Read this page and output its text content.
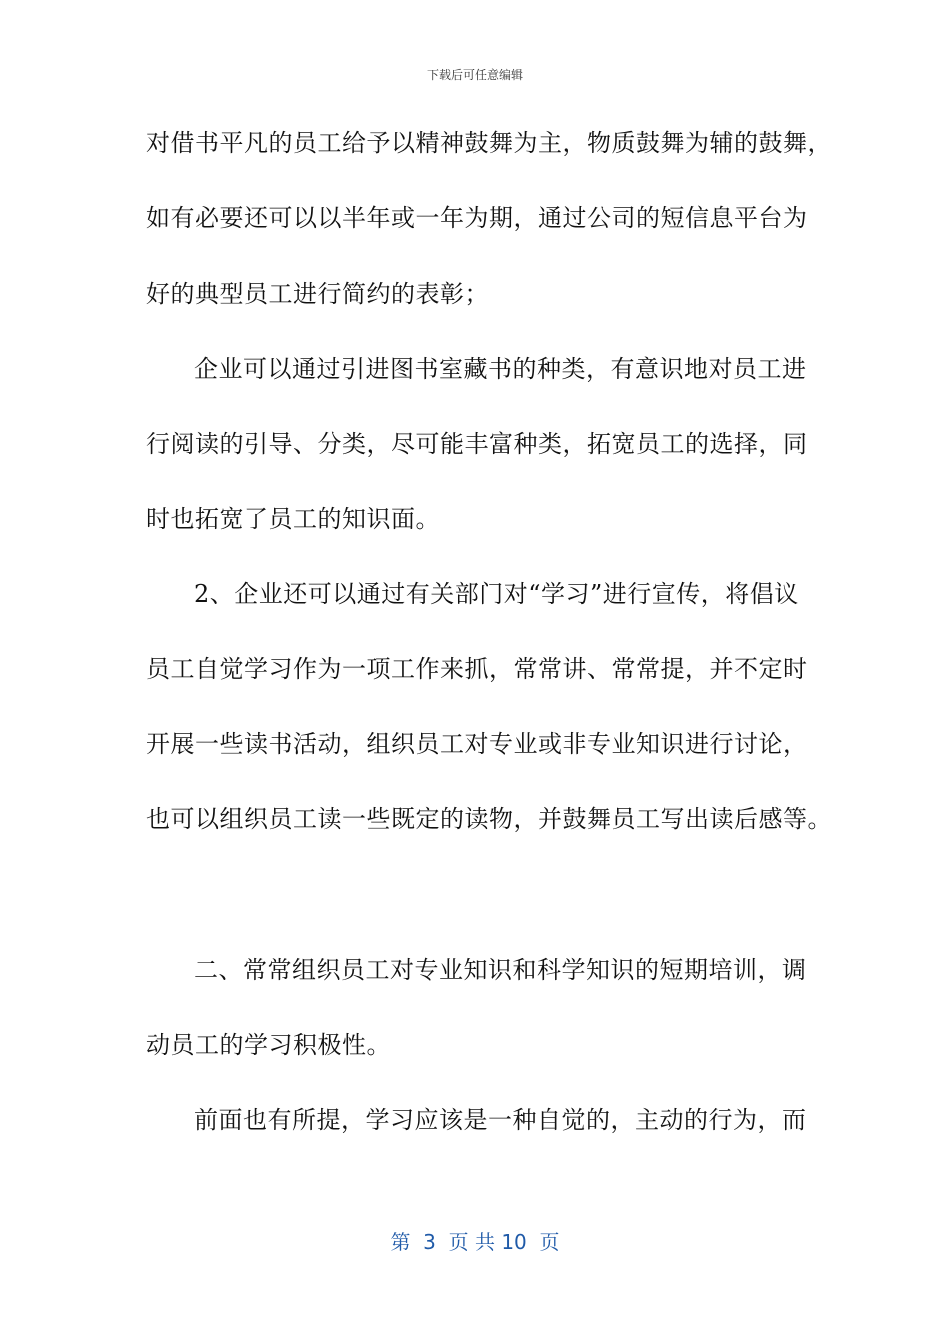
下载后可任意编辑
对借书平凡的员工给予以精神鼓舞为主，物质鼓舞为辅的鼓舞，
如有必要还可以以半年或一年为期，通过公司的短信息平台为
好的典型员工进行简约的表彰；
企业可以通过引进图书室藏书的种类，有意识地对员工进
行阅读的引导、分类，尽可能丰富种类，拓宽员工的选择，同
时也拓宽了员工的知识面。
2、企业还可以通过有关部门对“学习”进行宣传，将倡议
员工自觉学习作为一项工作来抓，常常讲、常常提，并不定时
开展一些读书活动，组织员工对专业或非专业知识进行讨论，
也可以组织员工读一些既定的读物，并鼓舞员工写出读后感等。
二、常常组织员工对专业知识和科学知识的短期培训，调
动员工的学习积极性。
前面也有所提，学习应该是一种自觉的，主动的行为，而
第  3  页 共 10  页
